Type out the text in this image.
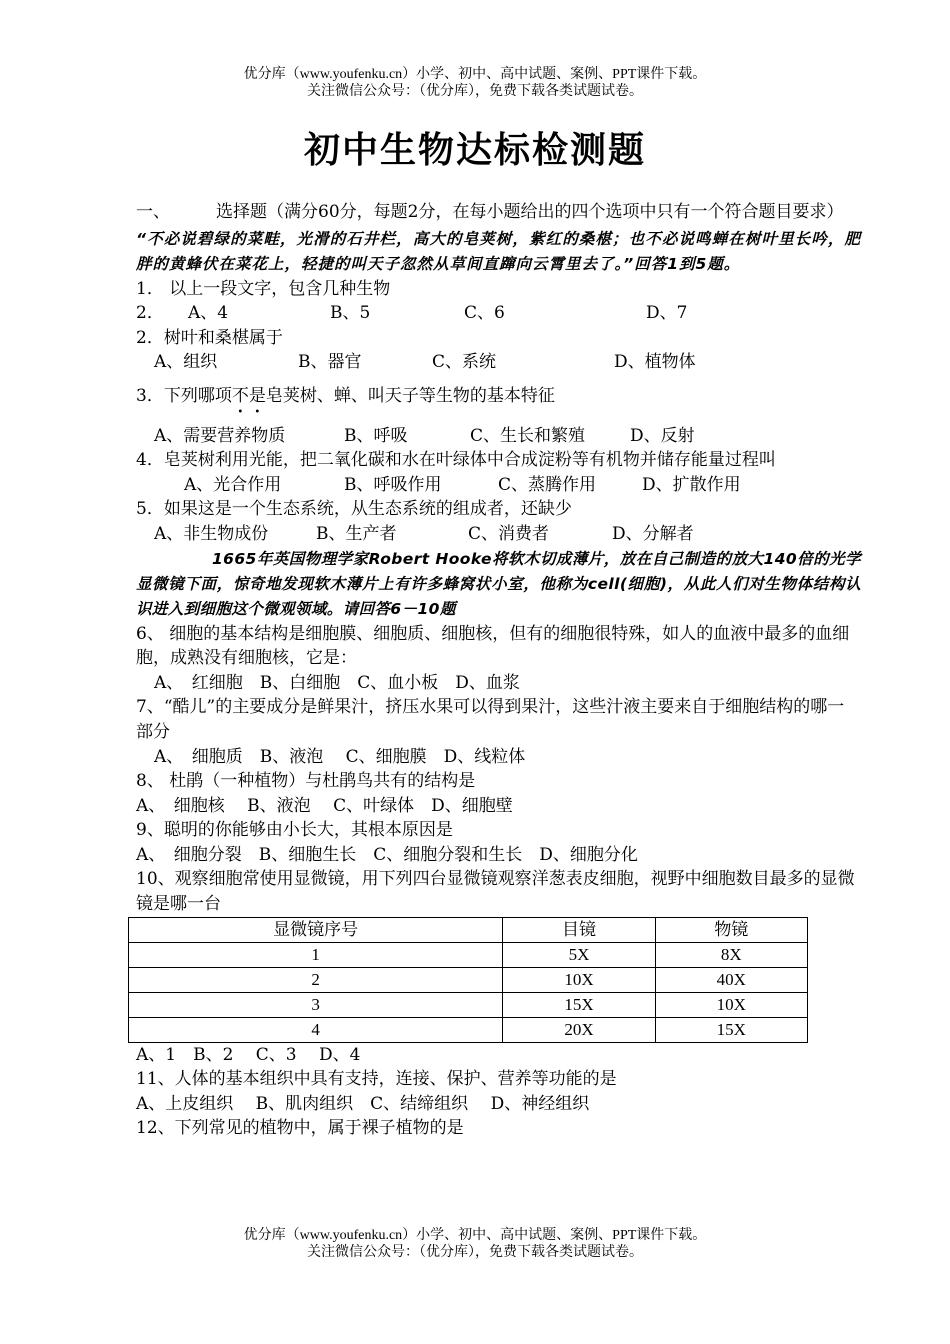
优分库（www.youfenku.cn）小学、初中、高中试题、案例、PPT课件下载。
关注微信公众号：（优分库），免费下载各类试题试卷。
初中生物达标检测题

一、	选择题（满分60分，每题2分，在每小题给出的四个选项中只有一个符合题目要求）

“不必说碧绿的菜畦，光滑的石井栏，高大的皂荚树，紫红的桑椹；也不必说鸣蝉在树叶里长吟，肥胖的黄蜂伏在菜花上，轻捷的叫天子忽然从草间直蹿向云霄里去了。”回答1到5题。

1． 以上一段文字，包含几种生物

2． A、4	B、5	C、6	D、7

2．树叶和桑椹属于

A、组织	B、器官	C、系统	D、植物体

3．下列哪项不是皂荚树、蝉、叫天子等生物的基本特征

A、需要营养物质	B、呼吸	C、生长和繁殖	D、反射

4．皂荚树利用光能，把二氧化碳和水在叶绿体中合成淀粉等有机物并储存能量过程叫

A、光合作用	B、呼吸作用	C、蒸腾作用	D、扩散作用

5．如果这是一个生态系统，从生态系统的组成者，还缺少

A、非生物成份	B、生产者	C、消费者	D、分解者

1665年英国物理学家Robert Hooke将软木切成薄片，放在自己制造的放大140倍的光学显微镜下面，惊奇地发现软木薄片上有许多蜂窝状小室，他称为cell(细胞)，从此人们对生物体结构认识进入到细胞这个微观领域。请回答6－10题

6、 细胞的基本结构是细胞膜、细胞质、细胞核，但有的细胞很特殊，如人的血液中最多的血细胞，成熟没有细胞核，它是：

A、　红细胞　B、白细胞　C、血小板　D、血浆

7、“酷儿”的主要成分是鲜果汁，挤压水果可以得到果汁，这些汁液主要来自于细胞结构的哪一部分

A、　细胞质　B、液泡　 C、细胞膜　D、线粒体

8、 杜鹃（一种植物）与杜鹃鸟共有的结构是

A、　细胞核　 B、液泡　 C、叶绿体　D、细胞壁

9、聪明的你能够由小长大，其根本原因是

A、　细胞分裂　B、细胞生长　C、细胞分裂和生长　D、细胞分化

10、观察细胞常使用显微镜，用下列四台显微镜观察洋葱表皮细胞，视野中细胞数目最多的显微镜是哪一台

显微镜序号	目镜	物镜
1	5X	8X
2	10X	40X
3	15X	10X
4	20X	15X

A、1　B、2　 C、3　 D、4

11、人体的基本组织中具有支持，连接、保护、营养等功能的是

A、上皮组织　 B、肌肉组织　C、结缔组织　 D、神经组织

12、下列常见的植物中，属于裸子植物的是

优分库（www.youfenku.cn）小学、初中、高中试题、案例、PPT课件下载。
关注微信公众号：（优分库），免费下载各类试题试卷。
